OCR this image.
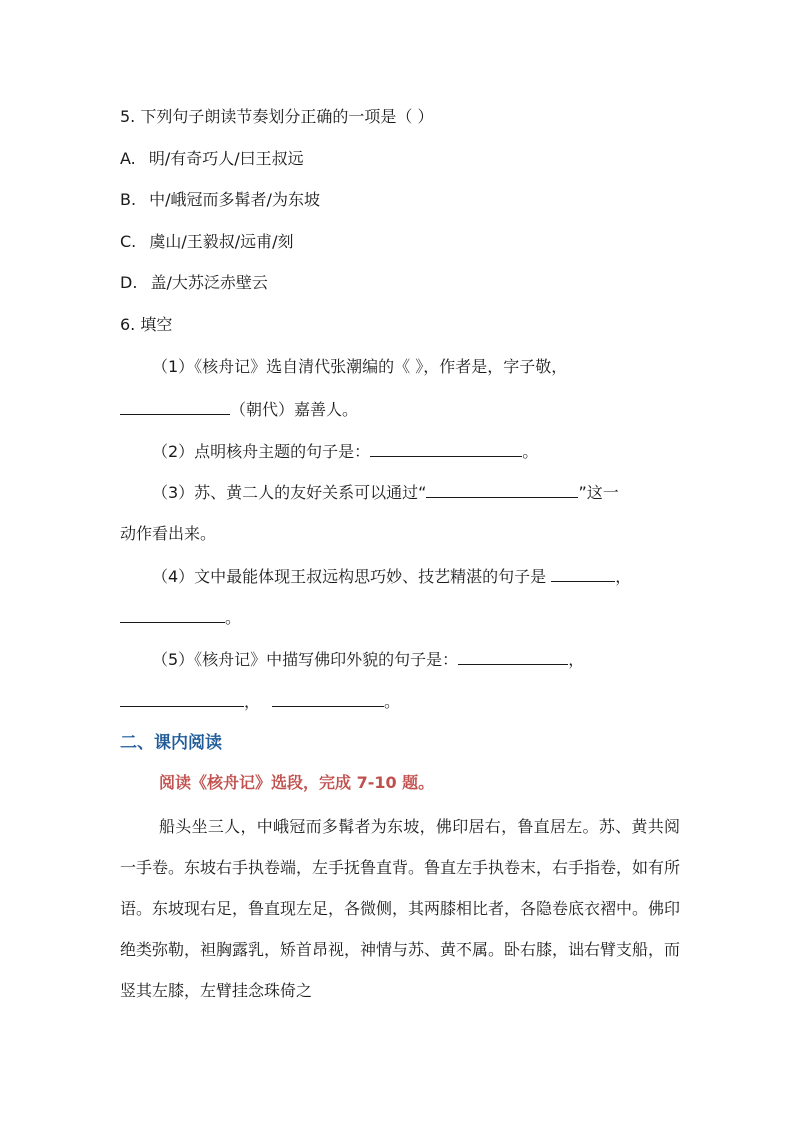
5. 下列句子朗读节奏划分正确的一项是（ ）
A. 明/有奇巧人/曰王叔远
B. 中/峨冠而多髯者/为东坡
C. 虞山/王毅叔/远甫/刻
D. 盖/大苏泛赤壁云
6. 填空
（1）《核舟记》选自清代张潮编的《 》，作者是，字子敬，
（朝代）嘉善人。
（2）点明核舟主题的句子是：	。
（3）苏、黄二人的友好关系可以通过“	”这一
动作看出来。
（4）文中最能体现王叔远构思巧妙、技艺精湛的句子是	，
。
（5）《核舟记》中描写佛印外貌的句子是：	，
，	。
二、课内阅读
阅读《核舟记》选段，完成 7-10 题。
船头坐三人，中峨冠而多髯者为东坡，佛印居右，鲁直居左。苏、黄共阅一手卷。东坡右手执卷端，左手抚鲁直背。鲁直左手执卷末，右手指卷，如有所语。东坡现右足，鲁直现左足，各微侧，其两膝相比者，各隐卷底衣褶中。佛印绝类弥勒，袒胸露乳，矫首昂视，神情与苏、黄不属。卧右膝，诎右臂支船，而竖其左膝，左臂挂念珠倚之
